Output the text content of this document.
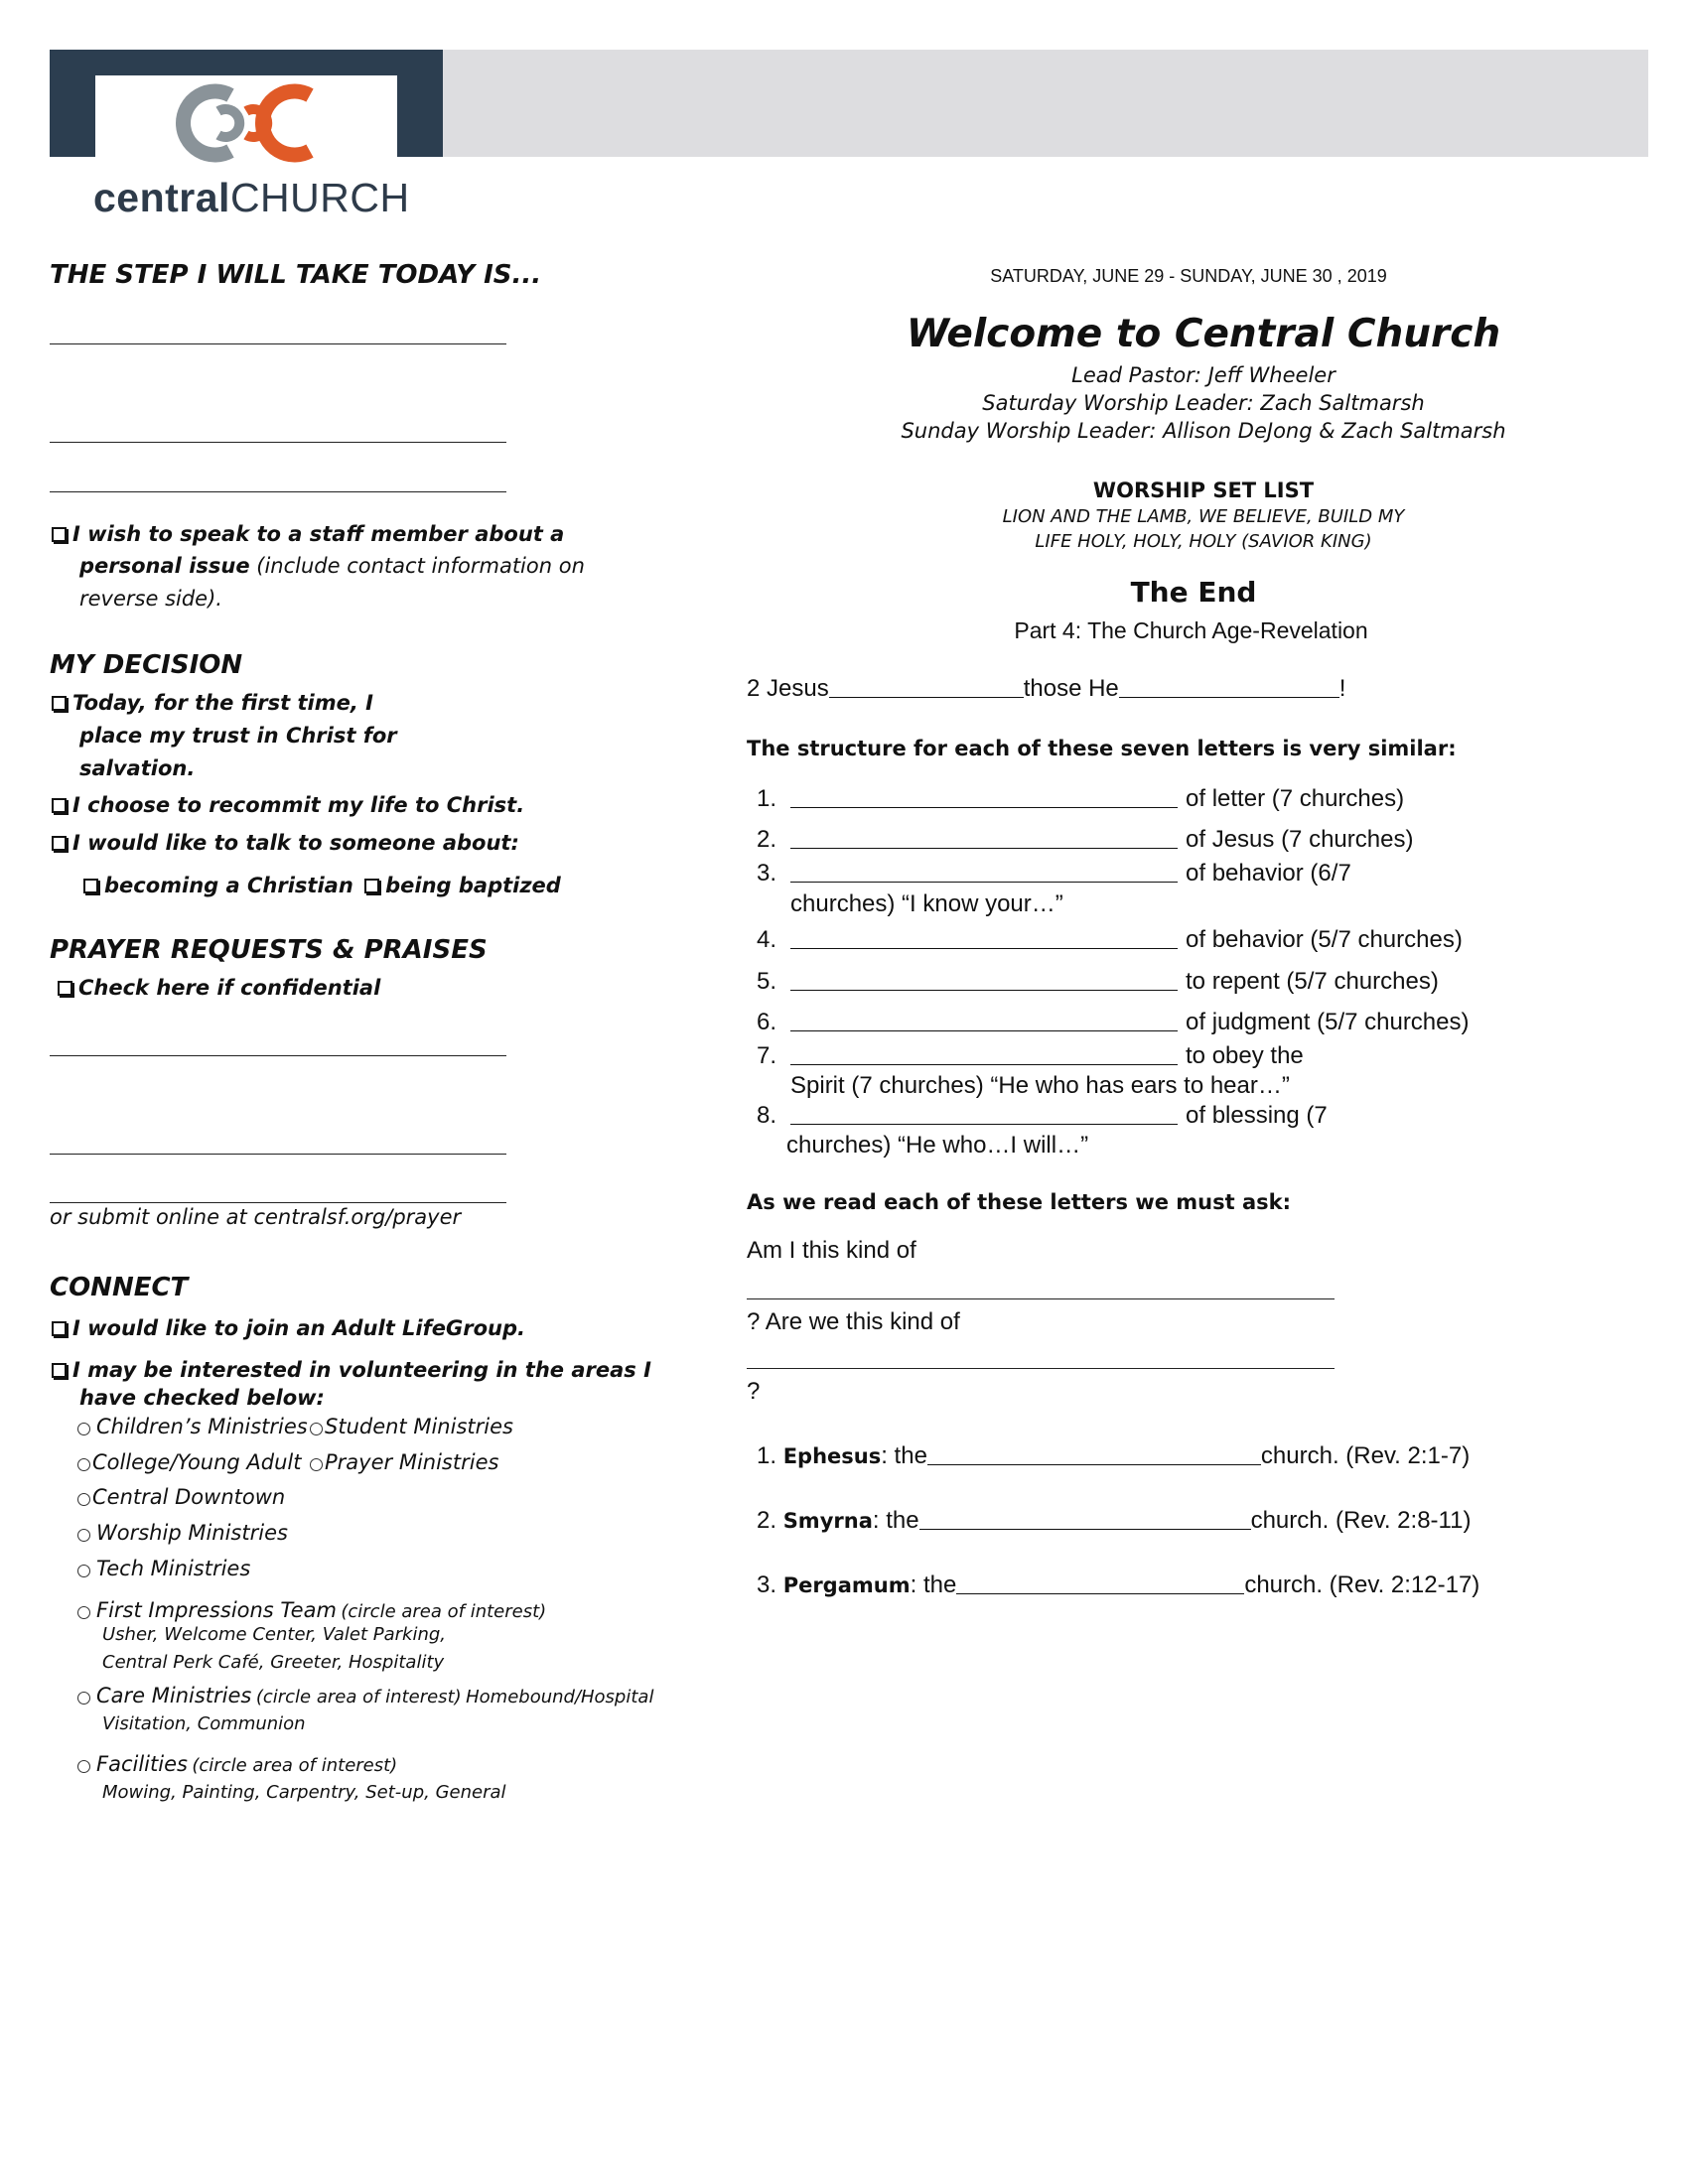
centralCHURCH
THE STEP I WILL TAKE TODAY IS...
I wish to speak to a staff member about a
personal issue (include contact information on
reverse side).
MY DECISION
Today, for the first time, I
place my trust in Christ for
salvation.
I choose to recommit my life to Christ.
I would like to talk to someone about:
becoming a Christian being baptized
PRAYER REQUESTS & PRAISES
Check here if confidential
or submit online at centralsf.org/prayer
CONNECT
I would like to join an Adult LifeGroup.
I may be interested in volunteering in the areas I
have checked below:
Children’s Ministries Student Ministries
College/Young Adult	Prayer Ministries
Central Downtown
Worship Ministries
Tech Ministries
First Impressions Team (circle area of interest)
Usher, Welcome Center, Valet Parking,
Central Perk Café, Greeter, Hospitality
Care Ministries (circle area of interest) Homebound/Hospital
Visitation, Communion
Facilities (circle area of interest)
Mowing, Painting, Carpentry, Set-up, General
SATURDAY, JUNE 29 - SUNDAY, JUNE 30 , 2019
Welcome to Central Church
Lead Pastor: Jeff Wheeler
Saturday Worship Leader: Zach Saltmarsh
Sunday Worship Leader: Allison DeJong & Zach Saltmarsh
WORSHIP SET LIST
LION AND THE LAMB, WE BELIEVE, BUILD MY
LIFE HOLY, HOLY, HOLY (SAVIOR KING)
The End
Part 4: The Church Age-Revelation
2 Jesus	those He	!
The structure for each of these seven letters is very similar:
1.	of letter (7 churches)
2.	of Jesus (7 churches)
3.	of behavior (6/7
churches) “I know your…”
4.	of behavior (5/7 churches)
5.	to repent (5/7 churches)
6.	of judgment (5/7 churches)
7.	to obey the
Spirit (7 churches) “He who has ears to hear…”
8.	of blessing (7
churches) “He who…I will…”
As we read each of these letters we must ask:
Am I this kind of
? Are we this kind of
?
1. Ephesus: the	church. (Rev. 2:1-7)
2. Smyrna: the	church. (Rev. 2:8-11)
3. Pergamum: the	church. (Rev. 2:12-17)
